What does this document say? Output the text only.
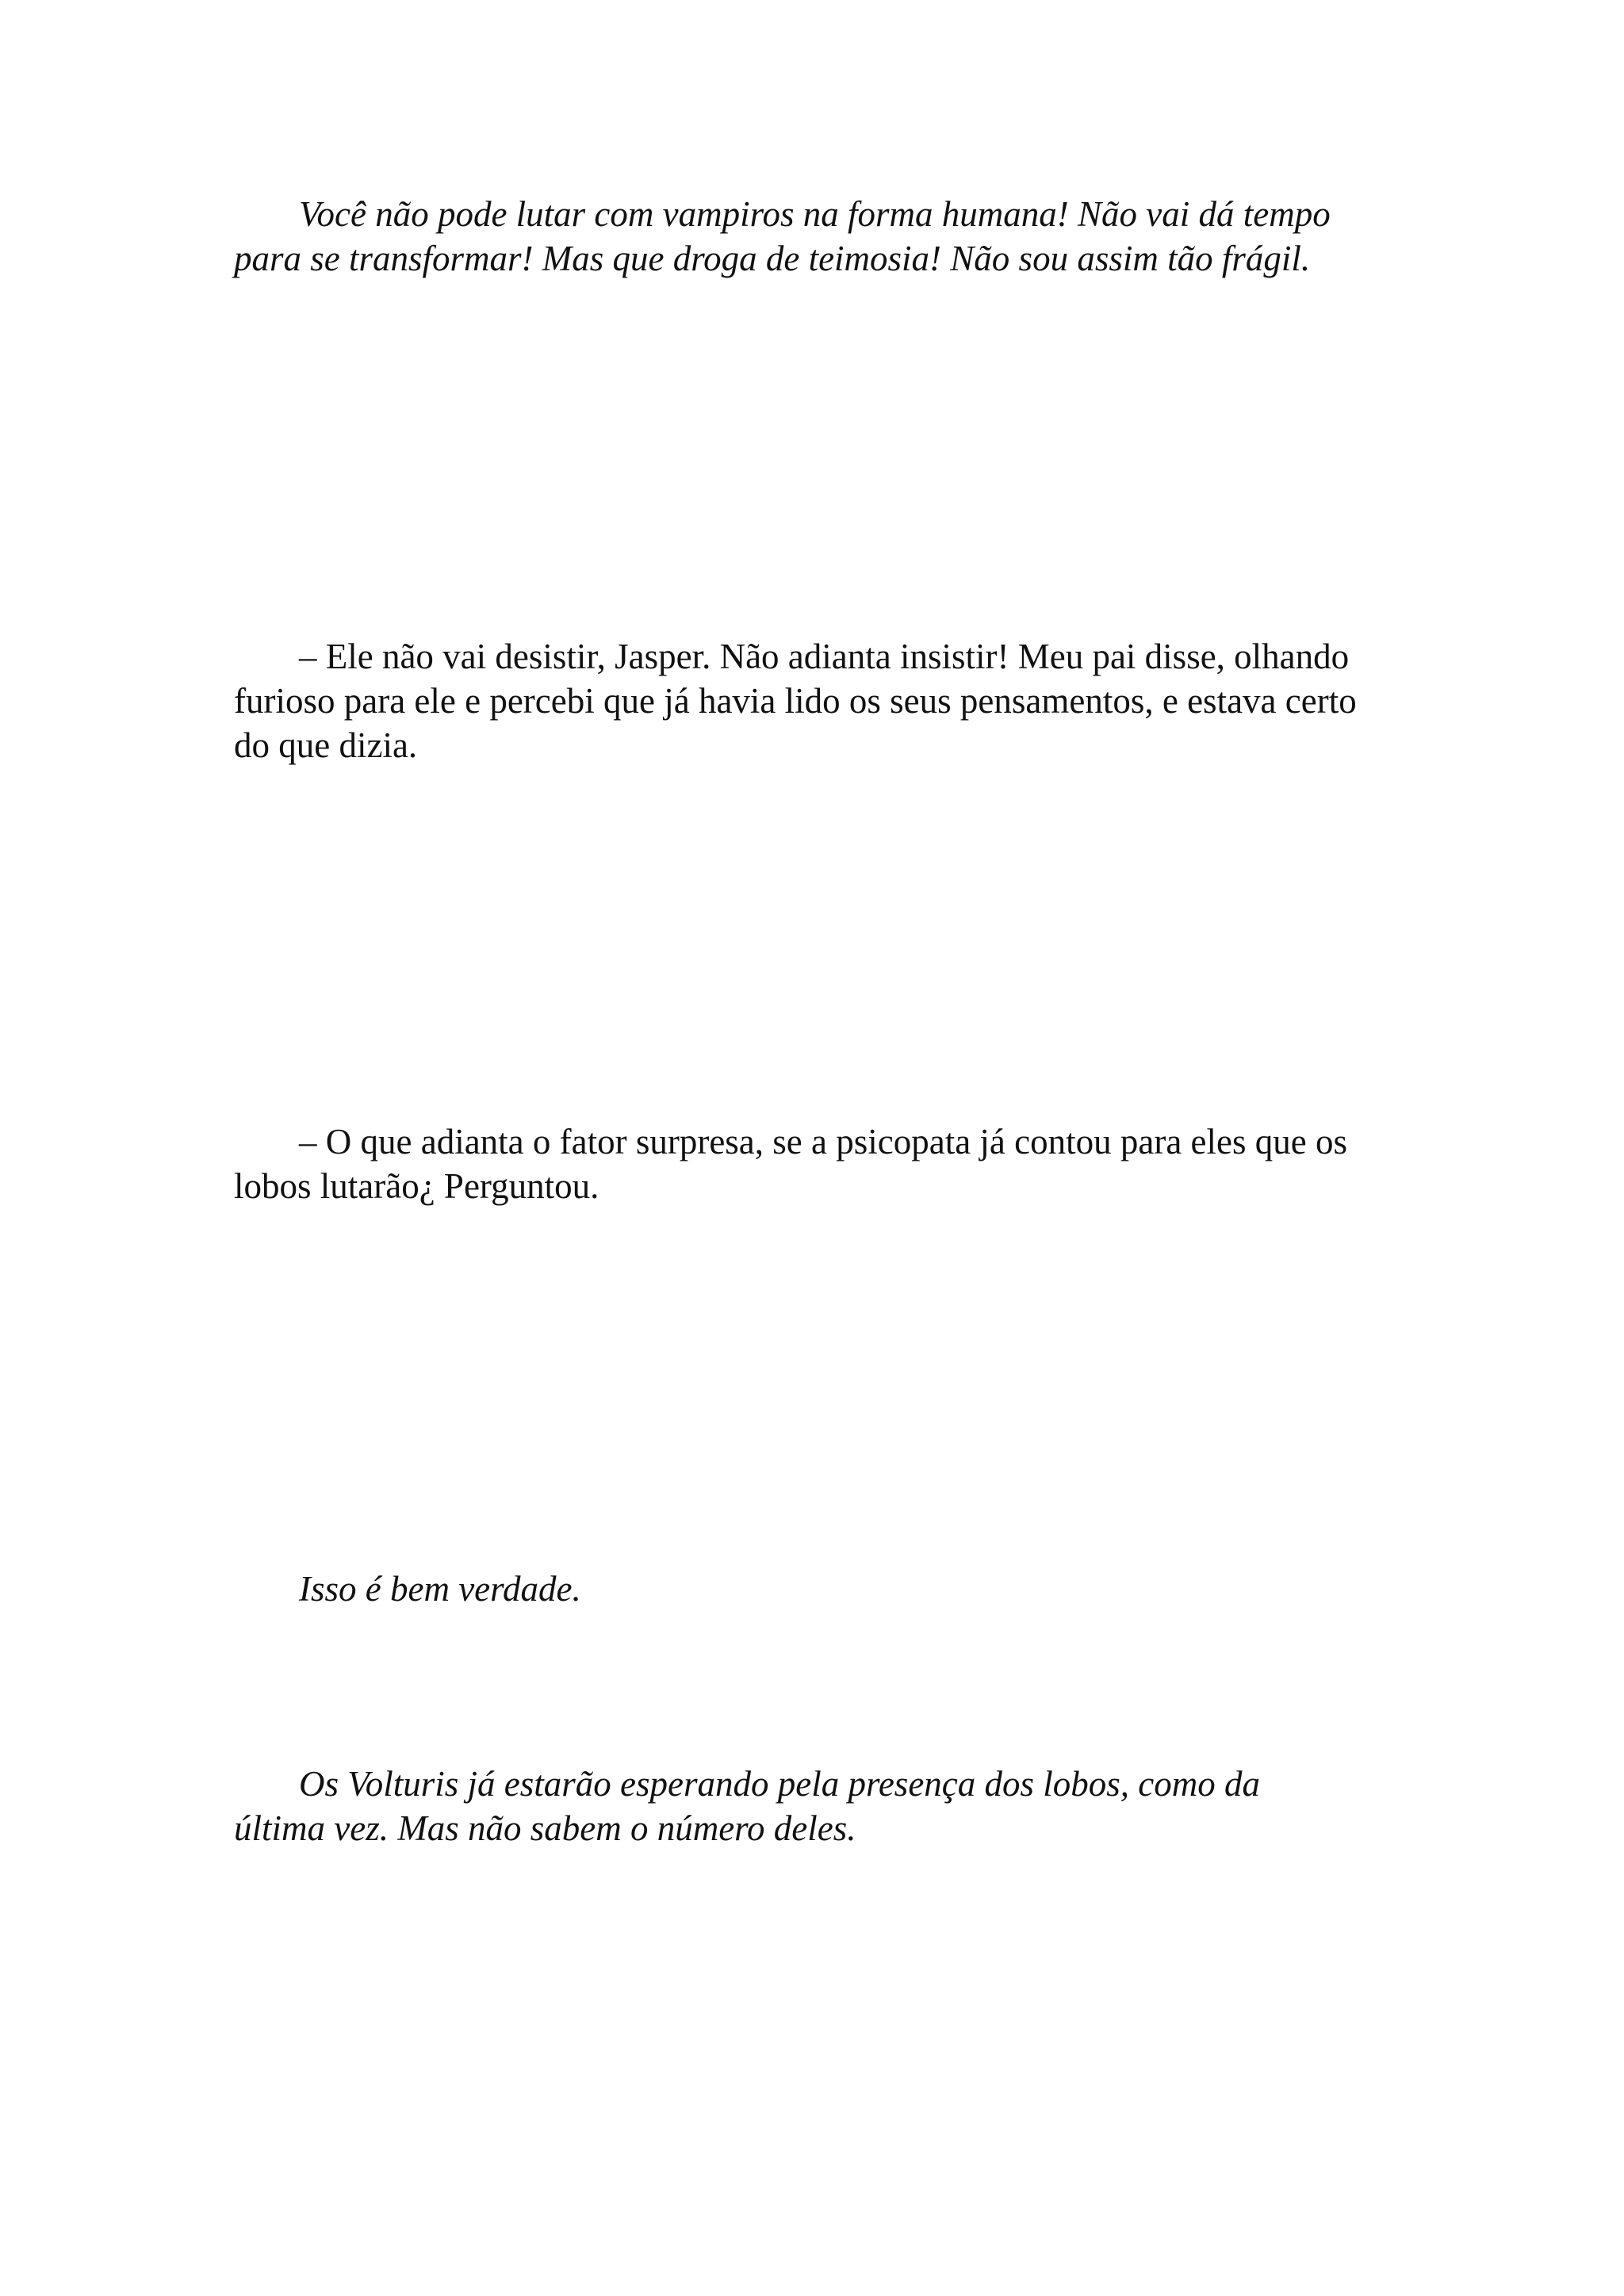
Você não pode lutar com vampiros na forma humana! Não vai dá tempo
para se transformar! Mas que droga de teimosia! Não sou assim tão frágil.

– Ele não vai desistir, Jasper. Não adianta insistir! Meu pai disse, olhando
furioso para ele e percebi que já havia lido os seus pensamentos, e estava certo
do que dizia.

– O que adianta o fator surpresa, se a psicopata já contou para eles que os
lobos lutarão¿ Perguntou.

Isso é bem verdade.

Os Volturis já estarão esperando pela presença dos lobos, como da
última vez. Mas não sabem o número deles.
